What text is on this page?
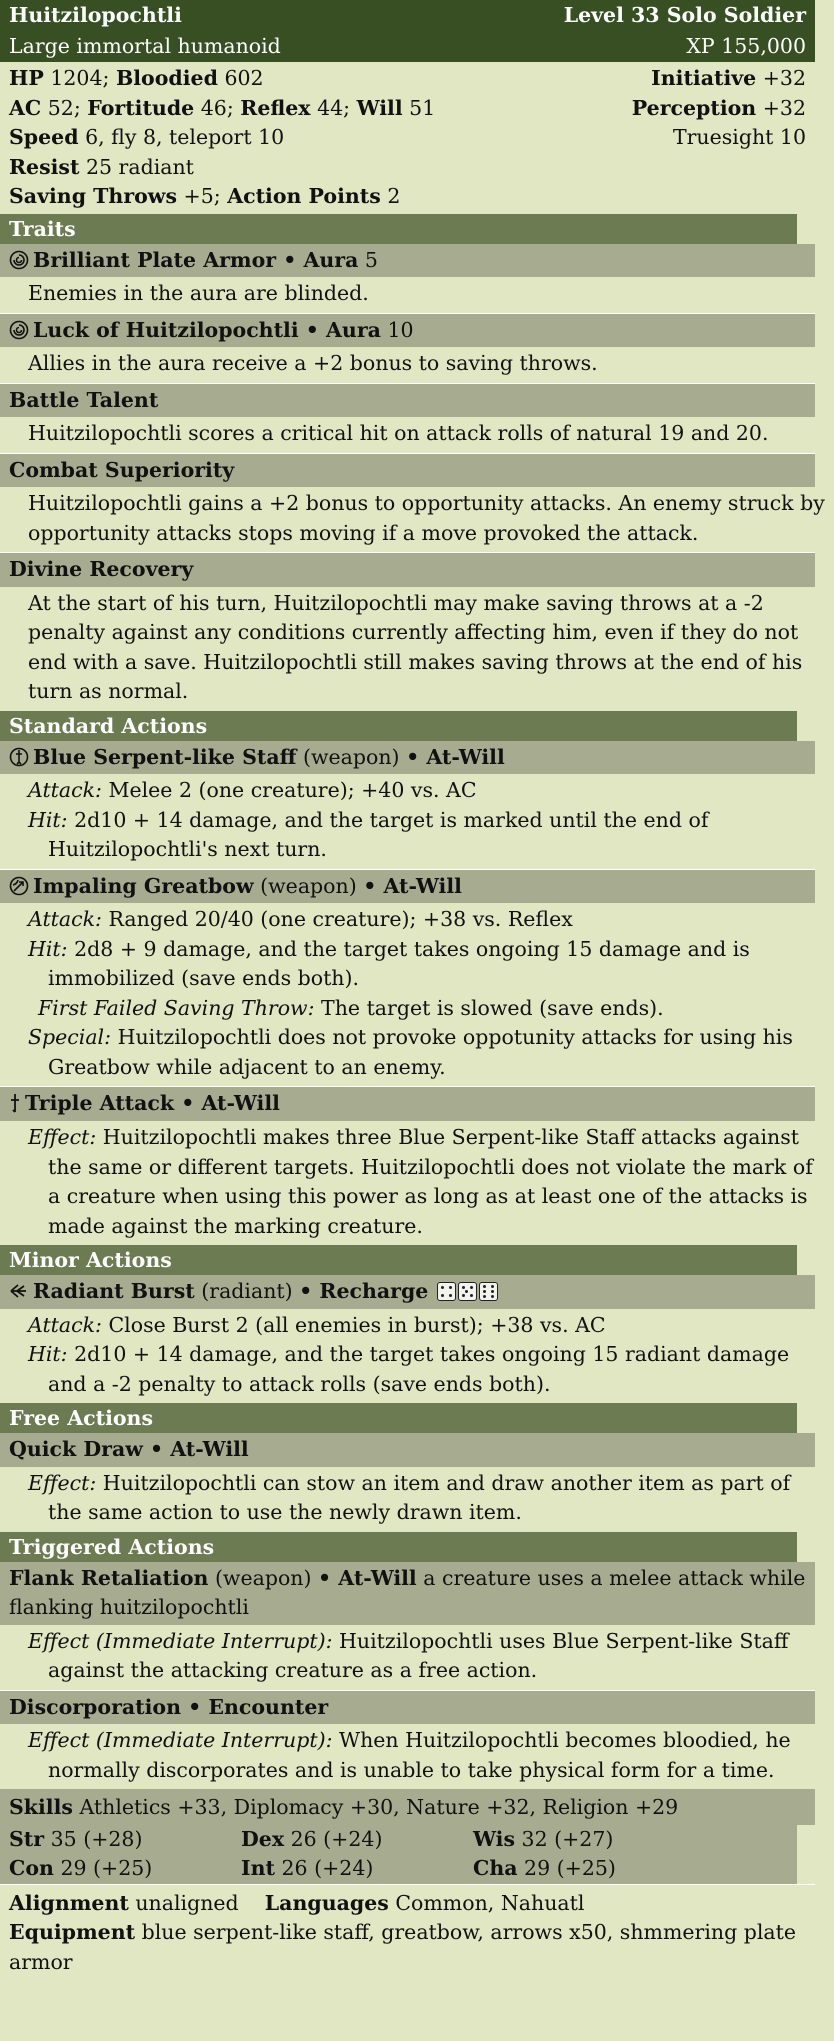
Huitzilopochtli	Level 33 Solo Soldier
Large immortal humanoid	XP 155,000
HP 1204; Bloodied 602	Initiative +32
AC 52; Fortitude 46; Reflex 44; Will 51	Perception +32
Speed 6, fly 8, teleport 10	Truesight 10
Resist 25 radiant
Saving Throws +5; Action Points 2
Traits
Brilliant Plate Armor • Aura 5
Enemies in the aura are blinded.
Luck of Huitzilopochtli • Aura 10
Allies in the aura receive a +2 bonus to saving throws.
Battle Talent
Huitzilopochtli scores a critical hit on attack rolls of natural 19 and 20.
Combat Superiority
Huitzilopochtli gains a +2 bonus to opportunity attacks. An enemy struck by opportunity attacks stops moving if a move provoked the attack.
Divine Recovery
At the start of his turn, Huitzilopochtli may make saving throws at a -2 penalty against any conditions currently affecting him, even if they do not end with a save. Huitzilopochtli still makes saving throws at the end of his turn as normal.
Standard Actions
Blue Serpent-like Staff (weapon) • At-Will
Attack: Melee 2 (one creature); +40 vs. AC
Hit: 2d10 + 14 damage, and the target is marked until the end of Huitzilopochtli's next turn.
Impaling Greatbow (weapon) • At-Will
Attack: Ranged 20/40 (one creature); +38 vs. Reflex
Hit: 2d8 + 9 damage, and the target takes ongoing 15 damage and is immobilized (save ends both).
First Failed Saving Throw: The target is slowed (save ends).
Special: Huitzilopochtli does not provoke oppotunity attacks for using his Greatbow while adjacent to an enemy.
Triple Attack • At-Will
Effect: Huitzilopochtli makes three Blue Serpent-like Staff attacks against the same or different targets. Huitzilopochtli does not violate the mark of a creature when using this power as long as at least one of the attacks is made against the marking creature.
Minor Actions
Radiant Burst (radiant) • Recharge
Attack: Close Burst 2 (all enemies in burst); +38 vs. AC
Hit: 2d10 + 14 damage, and the target takes ongoing 15 radiant damage and a -2 penalty to attack rolls (save ends both).
Free Actions
Quick Draw • At-Will
Effect: Huitzilopochtli can stow an item and draw another item as part of the same action to use the newly drawn item.
Triggered Actions
Flank Retaliation (weapon) • At-Will a creature uses a melee attack while flanking huitzilopochtli
Effect (Immediate Interrupt): Huitzilopochtli uses Blue Serpent-like Staff against the attacking creature as a free action.
Discorporation • Encounter
Effect (Immediate Interrupt): When Huitzilopochtli becomes bloodied, he normally discorporates and is unable to take physical form for a time.
Skills Athletics +33, Diplomacy +30, Nature +32, Religion +29
Str 35 (+28)	Dex 26 (+24)	Wis 32 (+27)
Con 29 (+25)	Int 26 (+24)	Cha 29 (+25)
Alignment unaligned Languages Common, Nahuatl
Equipment blue serpent-like staff, greatbow, arrows x50, shmmering plate armor
